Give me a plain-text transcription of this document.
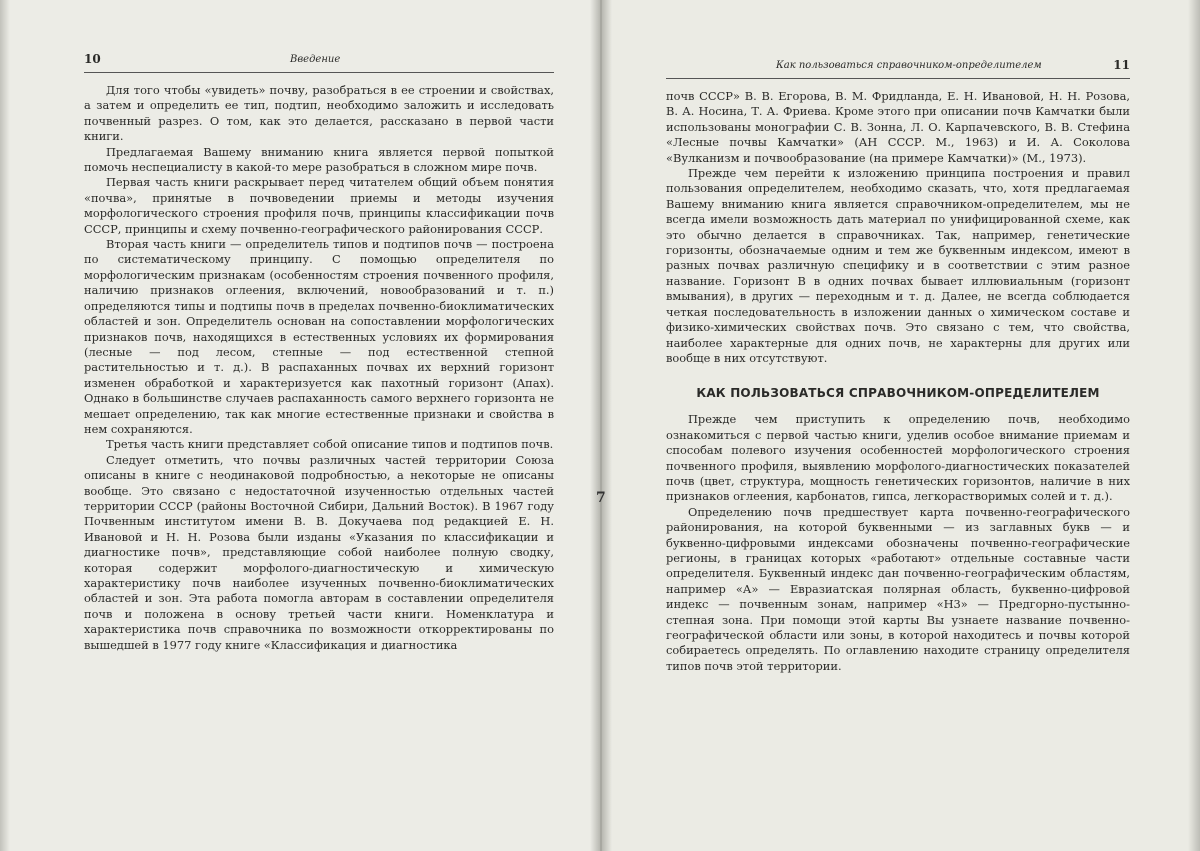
10	Введение

Для того чтобы «увидеть» почву, разобраться в ее строении и свойствах, а затем и определить ее тип, подтип, необходимо заложить и исследовать почвенный разрез. О том, как это делается, рассказано в первой части книги.

Предлагаемая Вашему вниманию книга является первой попыткой помочь неспециалисту в какой-то мере разобраться в сложном мире почв.

Первая часть книги раскрывает перед читателем общий объем понятия «почва», принятые в почвоведении приемы и методы изучения морфологического строения профиля почв, принципы классификации почв СССР, принципы и схему почвенно-географического районирования СССР.

Вторая часть книги — определитель типов и подтипов почв — построена по систематическому принципу. С помощью определителя по морфологическим признакам (особенностям строения почвенного профиля, наличию признаков оглеения, включений, новообразований и т. п.) определяются типы и подтипы почв в пределах почвенно-биоклиматических областей и зон. Определитель основан на сопоставлении морфологических признаков почв, находящихся в естественных условиях их формирования (лесные — под лесом, степные — под естественной степной растительностью и т. д.). В распаханных почвах их верхний горизонт изменен обработкой и характеризуется как пахотный горизонт (Aпах). Однако в большинстве случаев распаханность самого верхнего горизонта не мешает определению, так как многие естественные признаки и свойства в нем сохраняются.

Третья часть книги представляет собой описание типов и подтипов почв.

Следует отметить, что почвы различных частей территории Союза описаны в книге с неодинаковой подробностью, а некоторые не описаны вообще. Это связано с недостаточной изученностью отдельных частей территории СССР (районы Восточной Сибири, Дальний Восток). В 1967 году Почвенным институтом имени В. В. Докучаева под редакцией Е. Н. Ивановой и Н. Н. Розова были изданы «Указания по классификации и диагностике почв», представляющие собой наиболее полную сводку, которая содержит морфолого-диагностическую и химическую характеристику почв наиболее изученных почвенно-биоклиматических областей и зон. Эта работа помогла авторам в составлении определителя почв и положена в основу третьей части книги. Номенклатура и характеристика почв справочника по возможности откорректированы по вышедшей в 1977 году книге «Классификация и диагностика

Как пользоваться справочником-определителем	11

почв СССР» В. В. Егорова, В. М. Фридланда, Е. Н. Ивановой, Н. Н. Розова, В. А. Носина, Т. А. Фриева. Кроме этого при описании почв Камчатки были использованы монографии С. В. Зонна, Л. О. Карпачевского, В. В. Стефина «Лесные почвы Камчатки» (АН СССР. М., 1963) и И. А. Соколова «Вулканизм и почвообразование (на примере Камчатки)» (М., 1973).

Прежде чем перейти к изложению принципа построения и правил пользования определителем, необходимо сказать, что, хотя предлагаемая Вашему вниманию книга является справочником-определителем, мы не всегда имели возможность дать материал по унифицированной схеме, как это обычно делается в справочниках. Так, например, генетические горизонты, обозначаемые одним и тем же буквенным индексом, имеют в разных почвах различную специфику и в соответствии с этим разное название. Горизонт В в одних почвах бывает иллювиальным (горизонт вмывания), в других — переходным и т. д. Далее, не всегда соблюдается четкая последовательность в изложении данных о химическом составе и физико-химических свойствах почв. Это связано с тем, что свойства, наиболее характерные для одних почв, не характерны для других или вообще в них отсутствуют.

КАК ПОЛЬЗОВАТЬСЯ СПРАВОЧНИКОМ-ОПРЕДЕЛИТЕЛЕМ

Прежде чем приступить к определению почв, необходимо ознакомиться с первой частью книги, уделив особое внимание приемам и способам полевого изучения особенностей морфологического строения почвенного профиля, выявлению морфолого-диагностических показателей почв (цвет, структура, мощность генетических горизонтов, наличие в них признаков оглеения, карбонатов, гипса, легкорастворимых солей и т. д.).

Определению почв предшествует карта почвенно-географического районирования, на которой буквенными — из заглавных букв — и буквенно-цифровыми индексами обозначены почвенно-географические регионы, в границах которых «работают» отдельные составные части определителя. Буквенный индекс дан почвенно-географическим областям, например «А» — Евразиатская полярная область, буквенно-цифровой индекс — почвенным зонам, например «Н3» — Предгорно-пустынно-степная зона. При помощи этой карты Вы узнаете название почвенно-географической области или зоны, в которой находитесь и почвы которой собираетесь определять. По оглавлению находите страницу определителя типов почв этой территории.

7
